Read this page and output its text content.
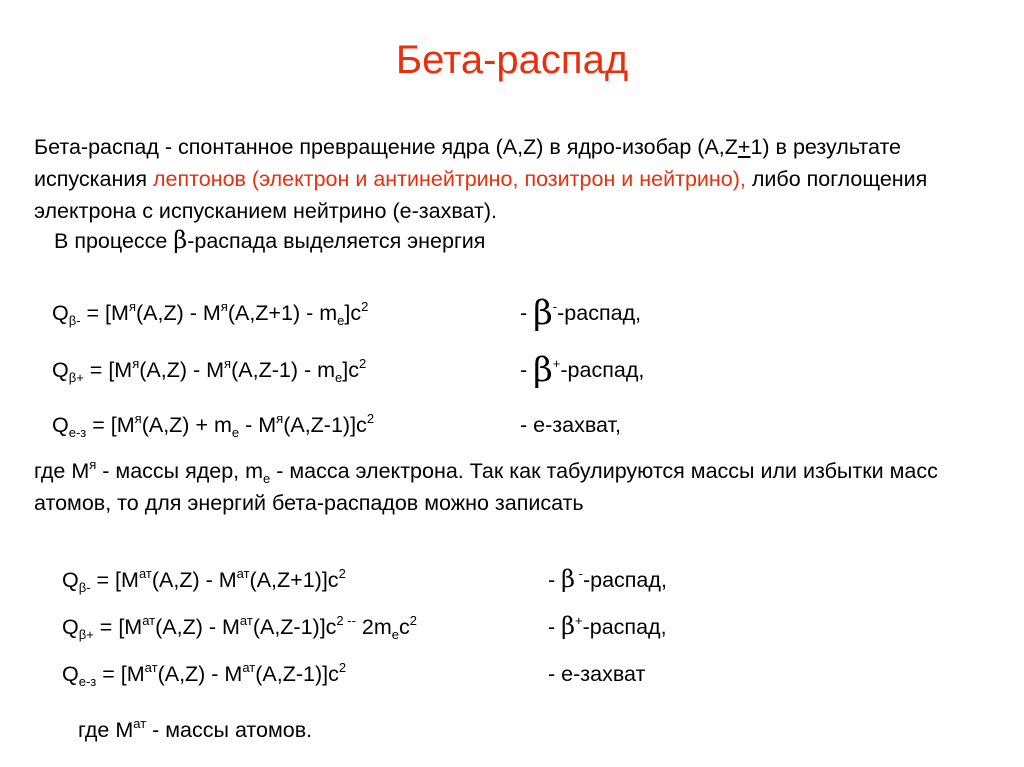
Бета-распад
Бета-распад - спонтанное превращение ядра (A,Z) в ядро-изобар (A,Z+1) в результате испускания лептонов (электрон и антинейтрино, позитрон и нейтрино), либо поглощения электрона с испусканием нейтрино (е-захват).
В процессе β-распада выделяется энергия
$Q_{\beta-} = [M^я(A,Z) - M^я(A,Z+1) - m_e]c^2$	- β--распад,
$Q_{\beta+} = [M^я(A,Z) - M^я(A,Z-1) - m_e]c^2$	- β+-распад,
$Q_{е-з} = [M^я(A,Z) + m_e - M^я(A,Z-1)]c^2$	- е-захват,
где $M^я$ - массы ядер, $m_e$ - масса электрона. Так как табулируются массы или избытки масс атомов, то для энергий бета-распадов можно записать
$Q_{\beta-} = [M^{ат}(A,Z) - M^{ат}(A,Z+1)]c^2$	- β --распад,
$Q_{\beta+} = [M^{ат}(A,Z) - M^{ат}(A,Z-1)]c^{2 --}$ $2m_ec^2$	- β+-распад,
$Q_{е-з} = [M^{ат}(A,Z) - M^{ат}(A,Z-1)]c^2$	- е-захват
где $M^{ат}$ - массы атомов.
